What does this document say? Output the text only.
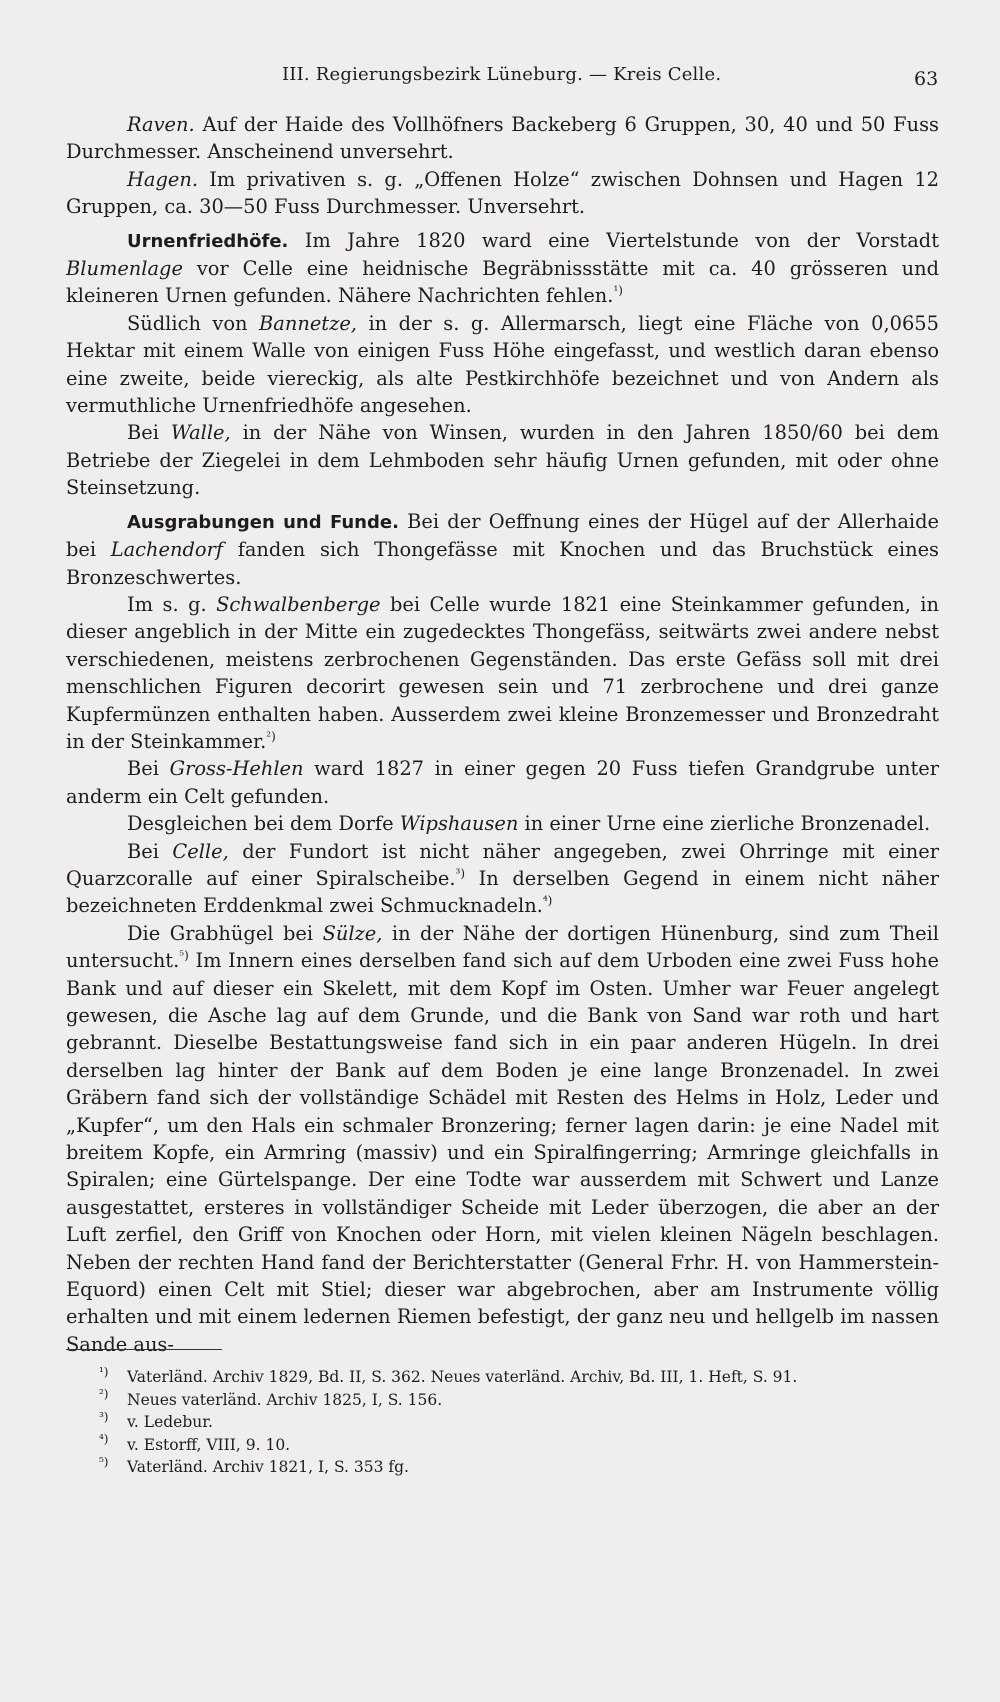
III. Regierungsbezirk Lüneburg. — Kreis Celle.	63

Raven. Auf der Haide des Vollhöfners Backeberg 6 Gruppen, 30, 40 und 50 Fuss Durchmesser. Anscheinend unversehrt.

Hagen. Im privativen s. g. „Offenen Holze“ zwischen Dohnsen und Hagen 12 Gruppen, ca. 30—50 Fuss Durchmesser. Unversehrt.

Urnenfriedhöfe. Im Jahre 1820 ward eine Viertelstunde von der Vorstadt Blumenlage vor Celle eine heidnische Begräbnissstätte mit ca. 40 grösseren und kleineren Urnen gefunden. Nähere Nachrichten fehlen.$^{^1)}$

Südlich von Bannetze, in der s. g. Allermarsch, liegt eine Fläche von 0,0655 Hektar mit einem Walle von einigen Fuss Höhe eingefasst, und westlich daran ebenso eine zweite, beide viereckig, als alte Pestkirchhöfe bezeichnet und von Andern als vermuthliche Urnenfriedhöfe angesehen.

Bei Walle, in der Nähe von Winsen, wurden in den Jahren 1850/60 bei dem Betriebe der Ziegelei in dem Lehmboden sehr häufig Urnen gefunden, mit oder ohne Steinsetzung.

Ausgrabungen und Funde. Bei der Oeffnung eines der Hügel auf der Allerhaide bei Lachendorf fanden sich Thongefässe mit Knochen und das Bruchstück eines Bronzeschwertes.

Im s. g. Schwalbenberge bei Celle wurde 1821 eine Steinkammer gefunden, in dieser angeblich in der Mitte ein zugedecktes Thongefäss, seitwärts zwei andere nebst verschiedenen, meistens zerbrochenen Gegenständen. Das erste Gefäss soll mit drei menschlichen Figuren decorirt gewesen sein und 71 zerbrochene und drei ganze Kupfermünzen enthalten haben. Ausserdem zwei kleine Bronzemesser und Bronzedraht in der Steinkammer.$^{^2)}$

Bei Gross-Hehlen ward 1827 in einer gegen 20 Fuss tiefen Grandgrube unter anderm ein Celt gefunden.

Desgleichen bei dem Dorfe Wipshausen in einer Urne eine zierliche Bronzenadel.

Bei Celle, der Fundort ist nicht näher angegeben, zwei Ohrringe mit einer Quarzcoralle auf einer Spiralscheibe.$^{^3)}$ In derselben Gegend in einem nicht näher bezeichneten Erddenkmal zwei Schmucknadeln.$^{^4)}$

Die Grabhügel bei Sülze, in der Nähe der dortigen Hünenburg, sind zum Theil untersucht.$^{^5)}$ Im Innern eines derselben fand sich auf dem Urboden eine zwei Fuss hohe Bank und auf dieser ein Skelett, mit dem Kopf im Osten. Umher war Feuer angelegt gewesen, die Asche lag auf dem Grunde, und die Bank von Sand war roth und hart gebrannt. Dieselbe Bestattungsweise fand sich in ein paar anderen Hügeln. In drei derselben lag hinter der Bank auf dem Boden je eine lange Bronzenadel. In zwei Gräbern fand sich der vollständige Schädel mit Resten des Helms in Holz, Leder und „Kupfer“, um den Hals ein schmaler Bronzering; ferner lagen darin: je eine Nadel mit breitem Kopfe, ein Armring (massiv) und ein Spiralfingerring; Armringe gleichfalls in Spiralen; eine Gürtelspange. Der eine Todte war ausserdem mit Schwert und Lanze ausgestattet, ersteres in vollständiger Scheide mit Leder überzogen, die aber an der Luft zerfiel, den Griff von Knochen oder Horn, mit vielen kleinen Nägeln beschlagen. Neben der rechten Hand fand der Berichterstatter (General Frhr. H. von Hammerstein-Equord) einen Celt mit Stiel; dieser war abgebrochen, aber am Instrumente völlig erhalten und mit einem ledernen Riemen befestigt, der ganz neu und hellgelb im nassen Sande aus-

¹) Vaterländ. Archiv 1829, Bd. II, S. 362. Neues vaterländ. Archiv, Bd. III, 1. Heft, S. 91.
²) Neues vaterländ. Archiv 1825, I, S. 156.
³) v. Ledebur.
⁴) v. Estorff, VIII, 9. 10.
⁵) Vaterländ. Archiv 1821, I, S. 353 fg.
